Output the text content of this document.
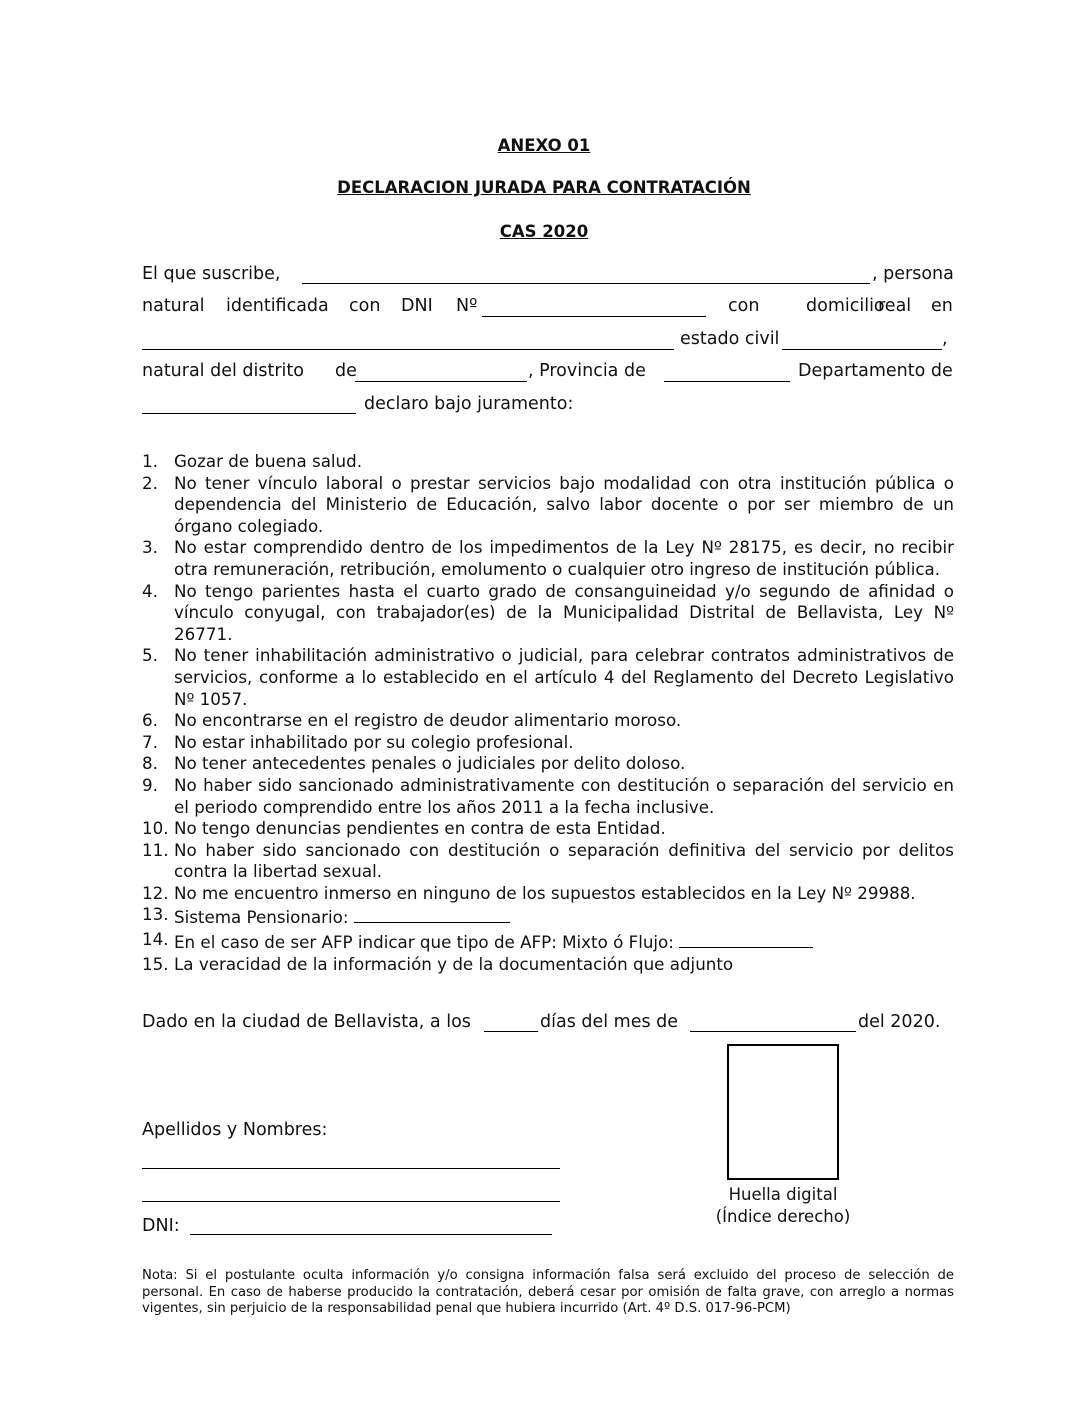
ANEXO 01
DECLARACION JURADA PARA CONTRATACIÓN
CAS 2020
El que suscribe,	, persona
natural identificada con DNI Nº	con	domicilio
real en
estado civil	,
natural del distrito de	, Provincia de	Departamento de
declaro bajo juramento:
1. Gozar de buena salud.
2. No tener vínculo laboral o prestar servicios bajo modalidad con otra institución pública o dependencia del Ministerio de Educación, salvo labor docente o por ser miembro de un órgano colegiado.
3. No estar comprendido dentro de los impedimentos de la Ley Nº 28175, es decir, no recibir otra remuneración, retribución, emolumento o cualquier otro ingreso de institución pública.
4. No tengo parientes hasta el cuarto grado de consanguineidad y/o segundo de afinidad o vínculo conyugal, con trabajador(es) de la Municipalidad Distrital de Bellavista, Ley Nº 26771.
5. No tener inhabilitación administrativo o judicial, para celebrar contratos administrativos de servicios, conforme a lo establecido en el artículo 4 del Reglamento del Decreto Legislativo Nº 1057.
6. No encontrarse en el registro de deudor alimentario moroso.
7. No estar inhabilitado por su colegio profesional.
8. No tener antecedentes penales o judiciales por delito doloso.
9. No haber sido sancionado administrativamente con destitución o separación del servicio en el periodo comprendido entre los años 2011 a la fecha inclusive.
10. No tengo denuncias pendientes en contra de esta Entidad.
11. No haber sido sancionado con destitución o separación definitiva del servicio por delitos contra la libertad sexual.
12. No me encuentro inmerso en ninguno de los supuestos establecidos en la Ley Nº 29988.
13. Sistema Pensionario:
14. En el caso de ser AFP indicar que tipo de AFP: Mixto ó Flujo:
15. La veracidad de la información y de la documentación que adjunto
Dado en la ciudad de Bellavista, a los	días del mes de	del 2020.
Huella digital
(Índice derecho)
Apellidos y Nombres:
DNI:
Nota: Si el postulante oculta información y/o consigna información falsa será excluido del proceso de selección de personal. En caso de haberse producido la contratación, deberá cesar por omisión de falta grave, con arreglo a normas vigentes, sin perjuicio de la responsabilidad penal que hubiera incurrido (Art. 4º D.S. 017-96-PCM)
